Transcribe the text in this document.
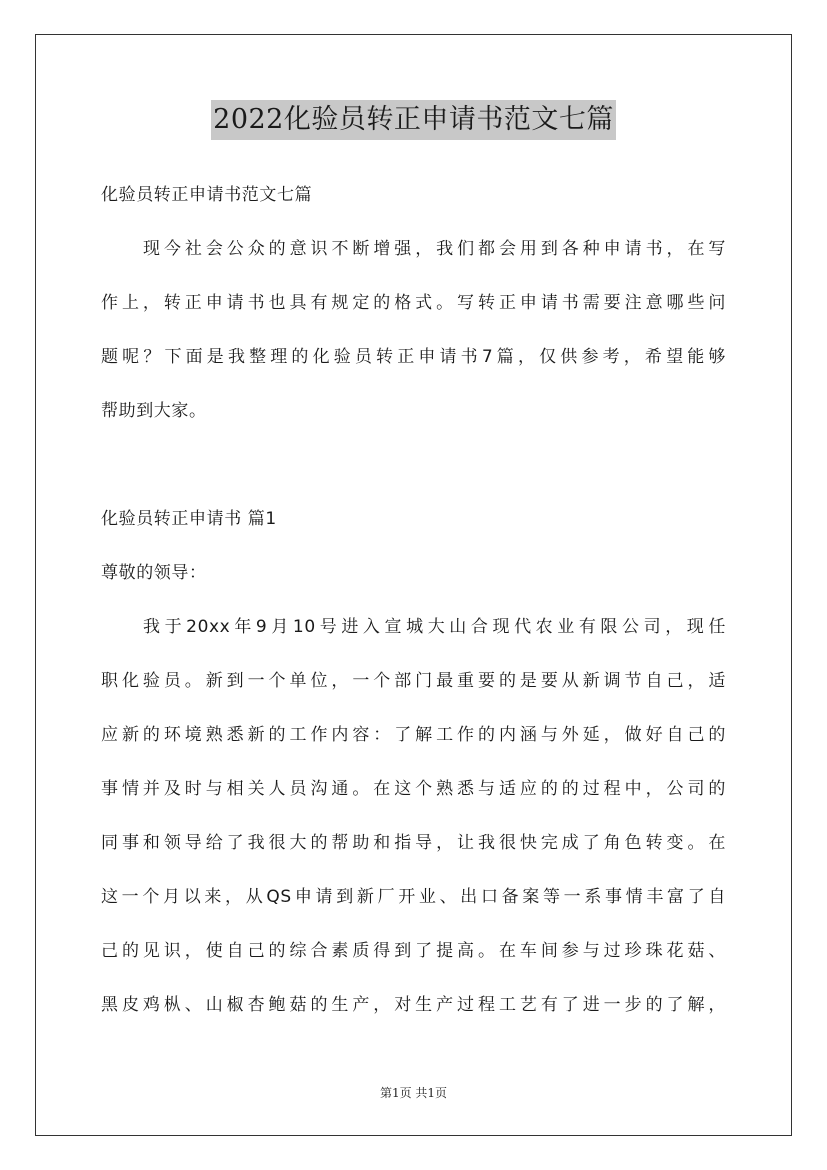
2022化验员转正申请书范文七篇
化验员转正申请书范文七篇
现今社会公众的意识不断增强，我们都会用到各种申请书，在写
作上，转正申请书也具有规定的格式。写转正申请书需要注意哪些问
题呢？下面是我整理的化验员转正申请书7篇，仅供参考，希望能够
帮助到大家。
化验员转正申请书 篇1
尊敬的领导：
我于20xx年9月10号进入宣城大山合现代农业有限公司，现任
职化验员。新到一个单位，一个部门最重要的是要从新调节自己，适
应新的环境熟悉新的工作内容：了解工作的内涵与外延，做好自己的
事情并及时与相关人员沟通。在这个熟悉与适应的的过程中，公司的
同事和领导给了我很大的帮助和指导，让我很快完成了角色转变。在
这一个月以来，从QS申请到新厂开业、出口备案等一系事情丰富了自
己的见识，使自己的综合素质得到了提高。在车间参与过珍珠花菇、
黑皮鸡枞、山椒杏鲍菇的生产，对生产过程工艺有了进一步的了解，
第1页 共1页
